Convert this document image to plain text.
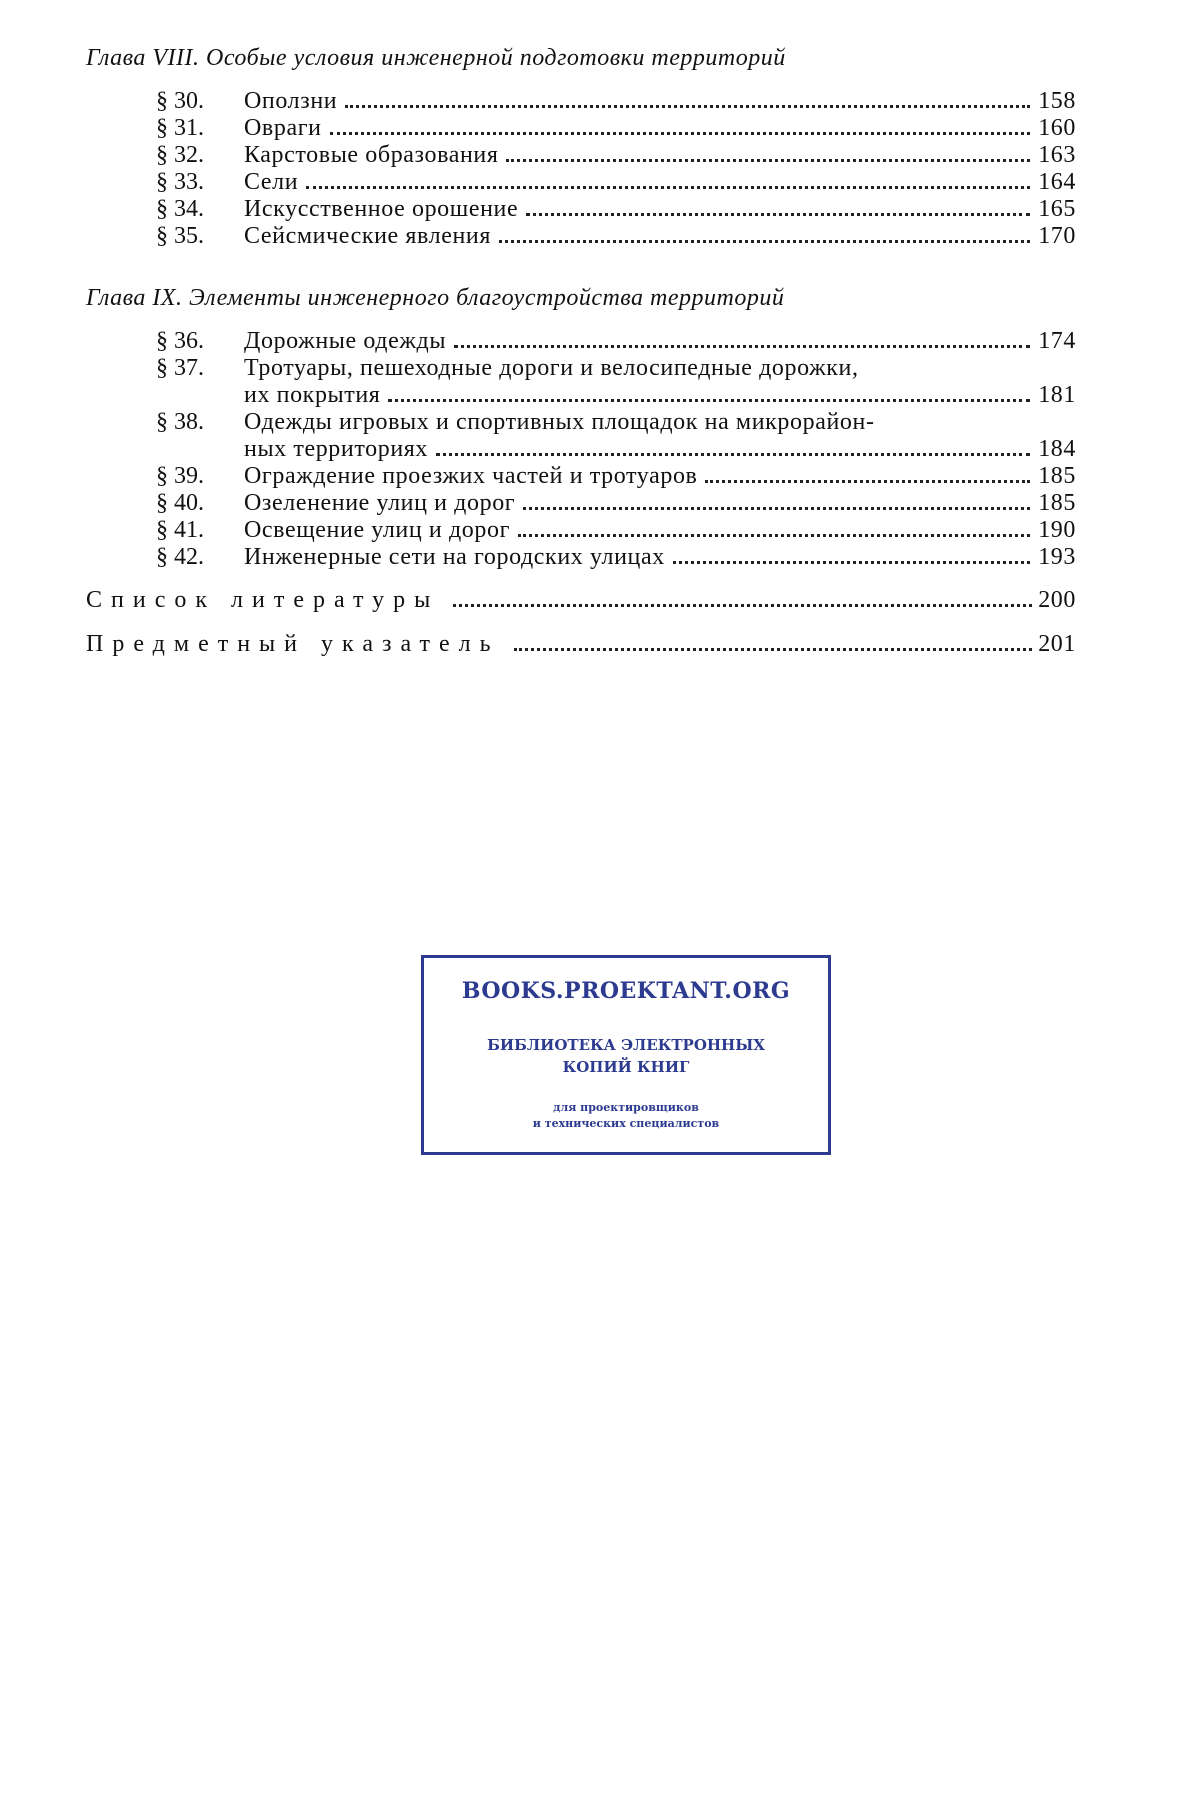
Глава VIII. Особые условия инженерной подготовки территорий
§ 30.	Оползни	158
§ 31.	Овраги	160
§ 32.	Карстовые образования	163
§ 33.	Сели	164
§ 34.	Искусственное орошение	165
§ 35.	Сейсмические явления	170
Глава IX. Элементы инженерного благоустройства территорий
§ 36.	Дорожные одежды	174
§ 37.	Тротуары, пешеходные дороги и велосипедные дорожки,
их покрытия	181
§ 38.	Одежды игровых и спортивных площадок на микрорайон-
ных территориях	184
§ 39.	Ограждение проезжих частей и тротуаров	185
§ 40.	Озеленение улиц и дорог	185
§ 41.	Освещение улиц и дорог	190
§ 42.	Инженерные сети на городских улицах	193
Список литературы	200
Предметный указатель	201
BOOKS.PROEKTANT.ORG
БИБЛИОТЕКА ЭЛЕКТРОННЫХ
КОПИЙ КНИГ
для проектировщиков
и технических специалистов
